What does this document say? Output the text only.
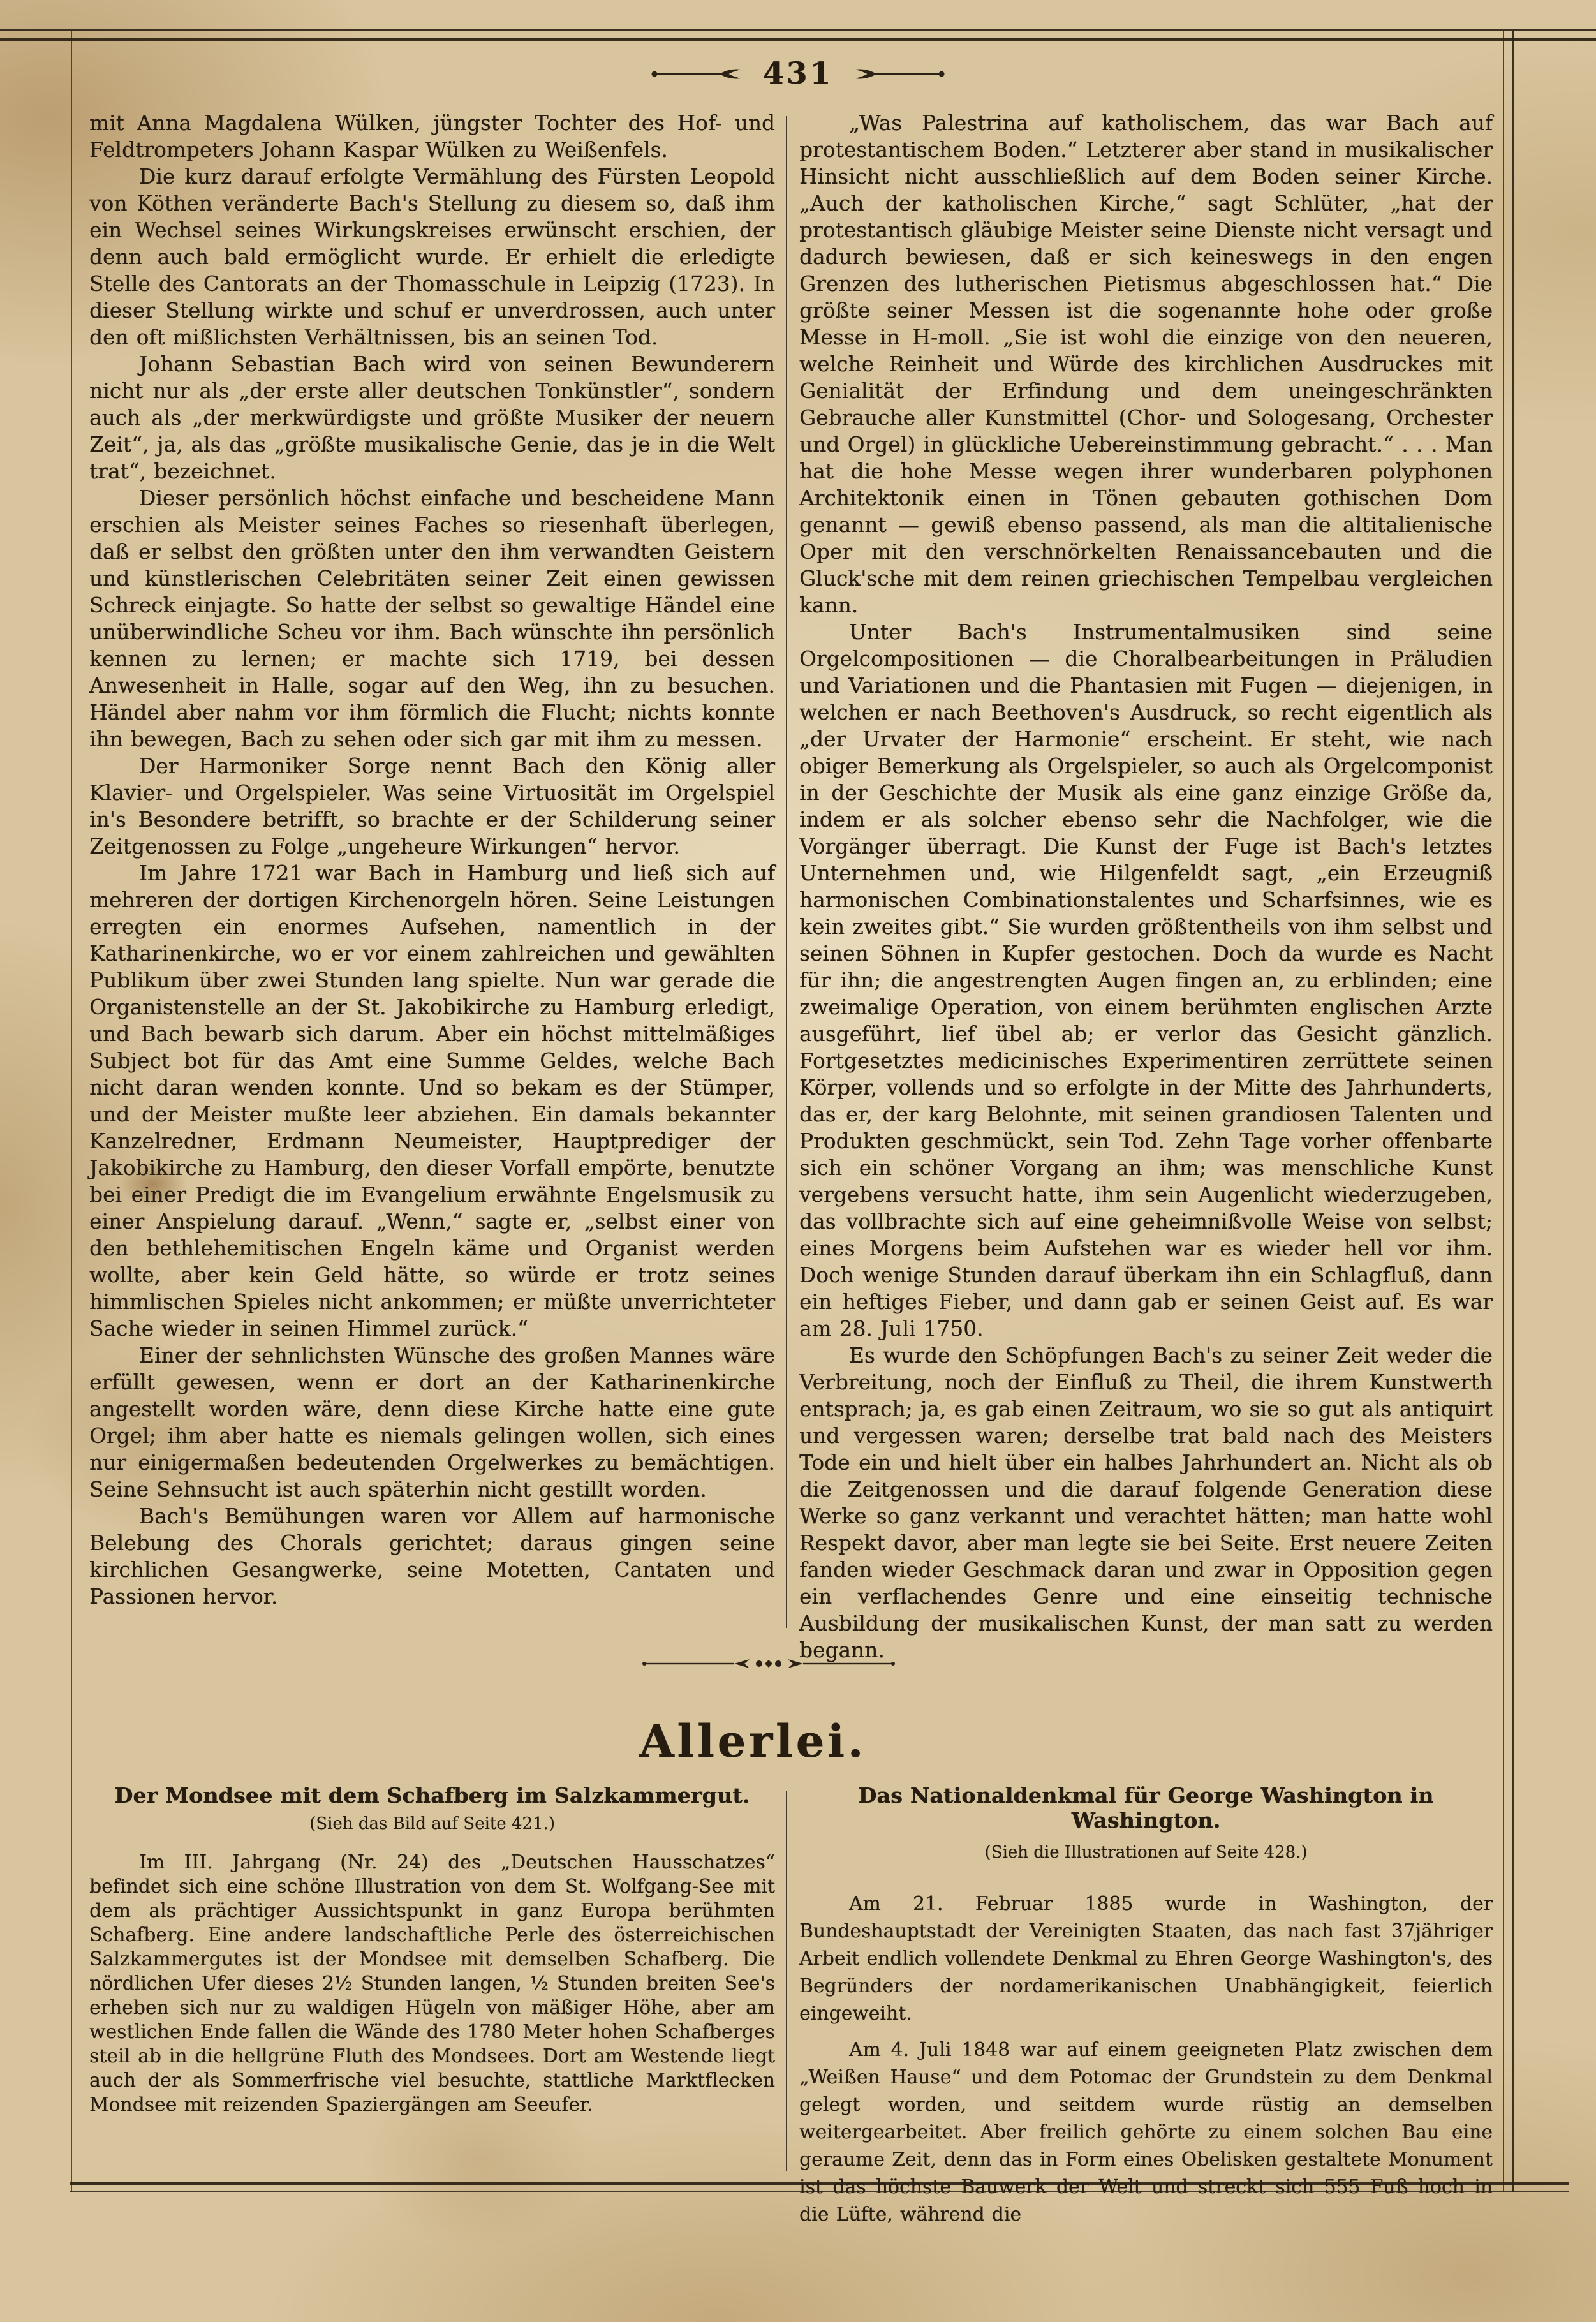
431

mit Anna Magdalena Wülken, jüngster Tochter des Hof- und Feldtrompeters Johann Kaspar Wülken zu Weißenfels.

Die kurz darauf erfolgte Vermählung des Fürsten Leopold von Köthen veränderte Bach's Stellung zu diesem so, daß ihm ein Wechsel seines Wirkungskreises erwünscht erschien, der denn auch bald ermöglicht wurde. Er erhielt die erledigte Stelle des Cantorats an der Thomasschule in Leipzig (1723). In dieser Stellung wirkte und schuf er unverdrossen, auch unter den oft mißlichsten Verhältnissen, bis an seinen Tod.

Johann Sebastian Bach wird von seinen Bewunderern nicht nur als „der erste aller deutschen Tonkünstler“, sondern auch als „der merkwürdigste und größte Musiker der neuern Zeit“, ja, als das „größte musikalische Genie, das je in die Welt trat“, bezeichnet.

Dieser persönlich höchst einfache und bescheidene Mann erschien als Meister seines Faches so riesenhaft überlegen, daß er selbst den größten unter den ihm verwandten Geistern und künstlerischen Celebritäten seiner Zeit einen gewissen Schreck einjagte. So hatte der selbst so gewaltige Händel eine unüberwindliche Scheu vor ihm. Bach wünschte ihn persönlich kennen zu lernen; er machte sich 1719, bei dessen Anwesenheit in Halle, sogar auf den Weg, ihn zu besuchen. Händel aber nahm vor ihm förmlich die Flucht; nichts konnte ihn bewegen, Bach zu sehen oder sich gar mit ihm zu messen.

Der Harmoniker Sorge nennt Bach den König aller Klavier- und Orgelspieler. Was seine Virtuosität im Orgelspiel in's Besondere betrifft, so brachte er der Schilderung seiner Zeitgenossen zu Folge „ungeheure Wirkungen“ hervor.

Im Jahre 1721 war Bach in Hamburg und ließ sich auf mehreren der dortigen Kirchenorgeln hören. Seine Leistungen erregten ein enormes Aufsehen, namentlich in der Katharinenkirche, wo er vor einem zahlreichen und gewählten Publikum über zwei Stunden lang spielte. Nun war gerade die Organistenstelle an der St. Jakobikirche zu Hamburg erledigt, und Bach bewarb sich darum. Aber ein höchst mittelmäßiges Subject bot für das Amt eine Summe Geldes, welche Bach nicht daran wenden konnte. Und so bekam es der Stümper, und der Meister mußte leer abziehen. Ein damals bekannter Kanzelredner, Erdmann Neumeister, Hauptprediger der Jakobikirche zu Hamburg, den dieser Vorfall empörte, benutzte bei einer Predigt die im Evangelium erwähnte Engelsmusik zu einer Anspielung darauf. „Wenn,“ sagte er, „selbst einer von den bethlehemitischen Engeln käme und Organist werden wollte, aber kein Geld hätte, so würde er trotz seines himmlischen Spieles nicht ankommen; er müßte unverrichteter Sache wieder in seinen Himmel zurück.“

Einer der sehnlichsten Wünsche des großen Mannes wäre erfüllt gewesen, wenn er dort an der Katharinenkirche angestellt worden wäre, denn diese Kirche hatte eine gute Orgel; ihm aber hatte es niemals gelingen wollen, sich eines nur einigermaßen bedeutenden Orgelwerkes zu bemächtigen. Seine Sehnsucht ist auch späterhin nicht gestillt worden.

Bach's Bemühungen waren vor Allem auf harmonische Belebung des Chorals gerichtet; daraus gingen seine kirchlichen Gesangwerke, seine Motetten, Cantaten und Passionen hervor.

„Was Palestrina auf katholischem, das war Bach auf protestantischem Boden.“ Letzterer aber stand in musikalischer Hinsicht nicht ausschließlich auf dem Boden seiner Kirche. „Auch der katholischen Kirche,“ sagt Schlüter, „hat der protestantisch gläubige Meister seine Dienste nicht versagt und dadurch bewiesen, daß er sich keineswegs in den engen Grenzen des lutherischen Pietismus abgeschlossen hat.“ Die größte seiner Messen ist die sogenannte hohe oder große Messe in H-moll. „Sie ist wohl die einzige von den neueren, welche Reinheit und Würde des kirchlichen Ausdruckes mit Genialität der Erfindung und dem uneingeschränkten Gebrauche aller Kunstmittel (Chor- und Sologesang, Orchester und Orgel) in glückliche Uebereinstimmung gebracht.“ . . . Man hat die hohe Messe wegen ihrer wunderbaren polyphonen Architektonik einen in Tönen gebauten gothischen Dom genannt — gewiß ebenso passend, als man die altitalienische Oper mit den verschnörkelten Renaissancebauten und die Gluck'sche mit dem reinen griechischen Tempelbau vergleichen kann.

Unter Bach's Instrumentalmusiken sind seine Orgelcompositionen — die Choralbearbeitungen in Präludien und Variationen und die Phantasien mit Fugen — diejenigen, in welchen er nach Beethoven's Ausdruck, so recht eigentlich als „der Urvater der Harmonie“ erscheint. Er steht, wie nach obiger Bemerkung als Orgelspieler, so auch als Orgelcomponist in der Geschichte der Musik als eine ganz einzige Größe da, indem er als solcher ebenso sehr die Nachfolger, wie die Vorgänger überragt. Die Kunst der Fuge ist Bach's letztes Unternehmen und, wie Hilgenfeldt sagt, „ein Erzeugniß harmonischen Combinationstalentes und Scharfsinnes, wie es kein zweites gibt.“ Sie wurden größtentheils von ihm selbst und seinen Söhnen in Kupfer gestochen. Doch da wurde es Nacht für ihn; die angestrengten Augen fingen an, zu erblinden; eine zweimalige Operation, von einem berühmten englischen Arzte ausgeführt, lief übel ab; er verlor das Gesicht gänzlich. Fortgesetztes medicinisches Experimentiren zerrüttete seinen Körper, vollends und so erfolgte in der Mitte des Jahrhunderts, das er, der karg Belohnte, mit seinen grandiosen Talenten und Produkten geschmückt, sein Tod. Zehn Tage vorher offenbarte sich ein schöner Vorgang an ihm; was menschliche Kunst vergebens versucht hatte, ihm sein Augenlicht wiederzugeben, das vollbrachte sich auf eine geheimnißvolle Weise von selbst; eines Morgens beim Aufstehen war es wieder hell vor ihm. Doch wenige Stunden darauf überkam ihn ein Schlagfluß, dann ein heftiges Fieber, und dann gab er seinen Geist auf. Es war am 28. Juli 1750.

Es wurde den Schöpfungen Bach's zu seiner Zeit weder die Verbreitung, noch der Einfluß zu Theil, die ihrem Kunstwerth entsprach; ja, es gab einen Zeitraum, wo sie so gut als antiquirt und vergessen waren; derselbe trat bald nach des Meisters Tode ein und hielt über ein halbes Jahrhundert an. Nicht als ob die Zeitgenossen und die darauf folgende Generation diese Werke so ganz verkannt und verachtet hätten; man hatte wohl Respekt davor, aber man legte sie bei Seite. Erst neuere Zeiten fanden wieder Geschmack daran und zwar in Opposition gegen ein verflachendes Genre und eine einseitig technische Ausbildung der musikalischen Kunst, der man satt zu werden begann.

Allerlei.
Der Mondsee mit dem Schafberg im Salzkammergut.
(Sieh das Bild auf Seite 421.)

Im III. Jahrgang (Nr. 24) des „Deutschen Hausschatzes“ befindet sich eine schöne Illustration von dem St. Wolfgang-See mit dem als prächtiger Aussichtspunkt in ganz Europa berühmten Schafberg. Eine andere landschaftliche Perle des österreichischen Salzkammergutes ist der Mondsee mit demselben Schafberg. Die nördlichen Ufer dieses 2½ Stunden langen, ½ Stunden breiten See's erheben sich nur zu waldigen Hügeln von mäßiger Höhe, aber am westlichen Ende fallen die Wände des 1780 Meter hohen Schafberges steil ab in die hellgrüne Fluth des Mondsees. Dort am Westende liegt auch der als Sommerfrische viel besuchte, stattliche Marktflecken Mondsee mit reizenden Spaziergängen am Seeufer.

Das Nationaldenkmal für George Washington in Washington.
(Sieh die Illustrationen auf Seite 428.)

Am 21. Februar 1885 wurde in Washington, der Bundeshauptstadt der Vereinigten Staaten, das nach fast 37jähriger Arbeit endlich vollendete Denkmal zu Ehren George Washington's, des Begründers der nordamerikanischen Unabhängigkeit, feierlich eingeweiht.

Am 4. Juli 1848 war auf einem geeigneten Platz zwischen dem „Weißen Hause“ und dem Potomac der Grundstein zu dem Denkmal gelegt worden, und seitdem wurde rüstig an demselben weitergearbeitet. Aber freilich gehörte zu einem solchen Bau eine geraume Zeit, denn das in Form eines Obelisken gestaltete Monument ist das höchste Bauwerk der Welt und streckt sich 555 Fuß hoch in die Lüfte, während die
